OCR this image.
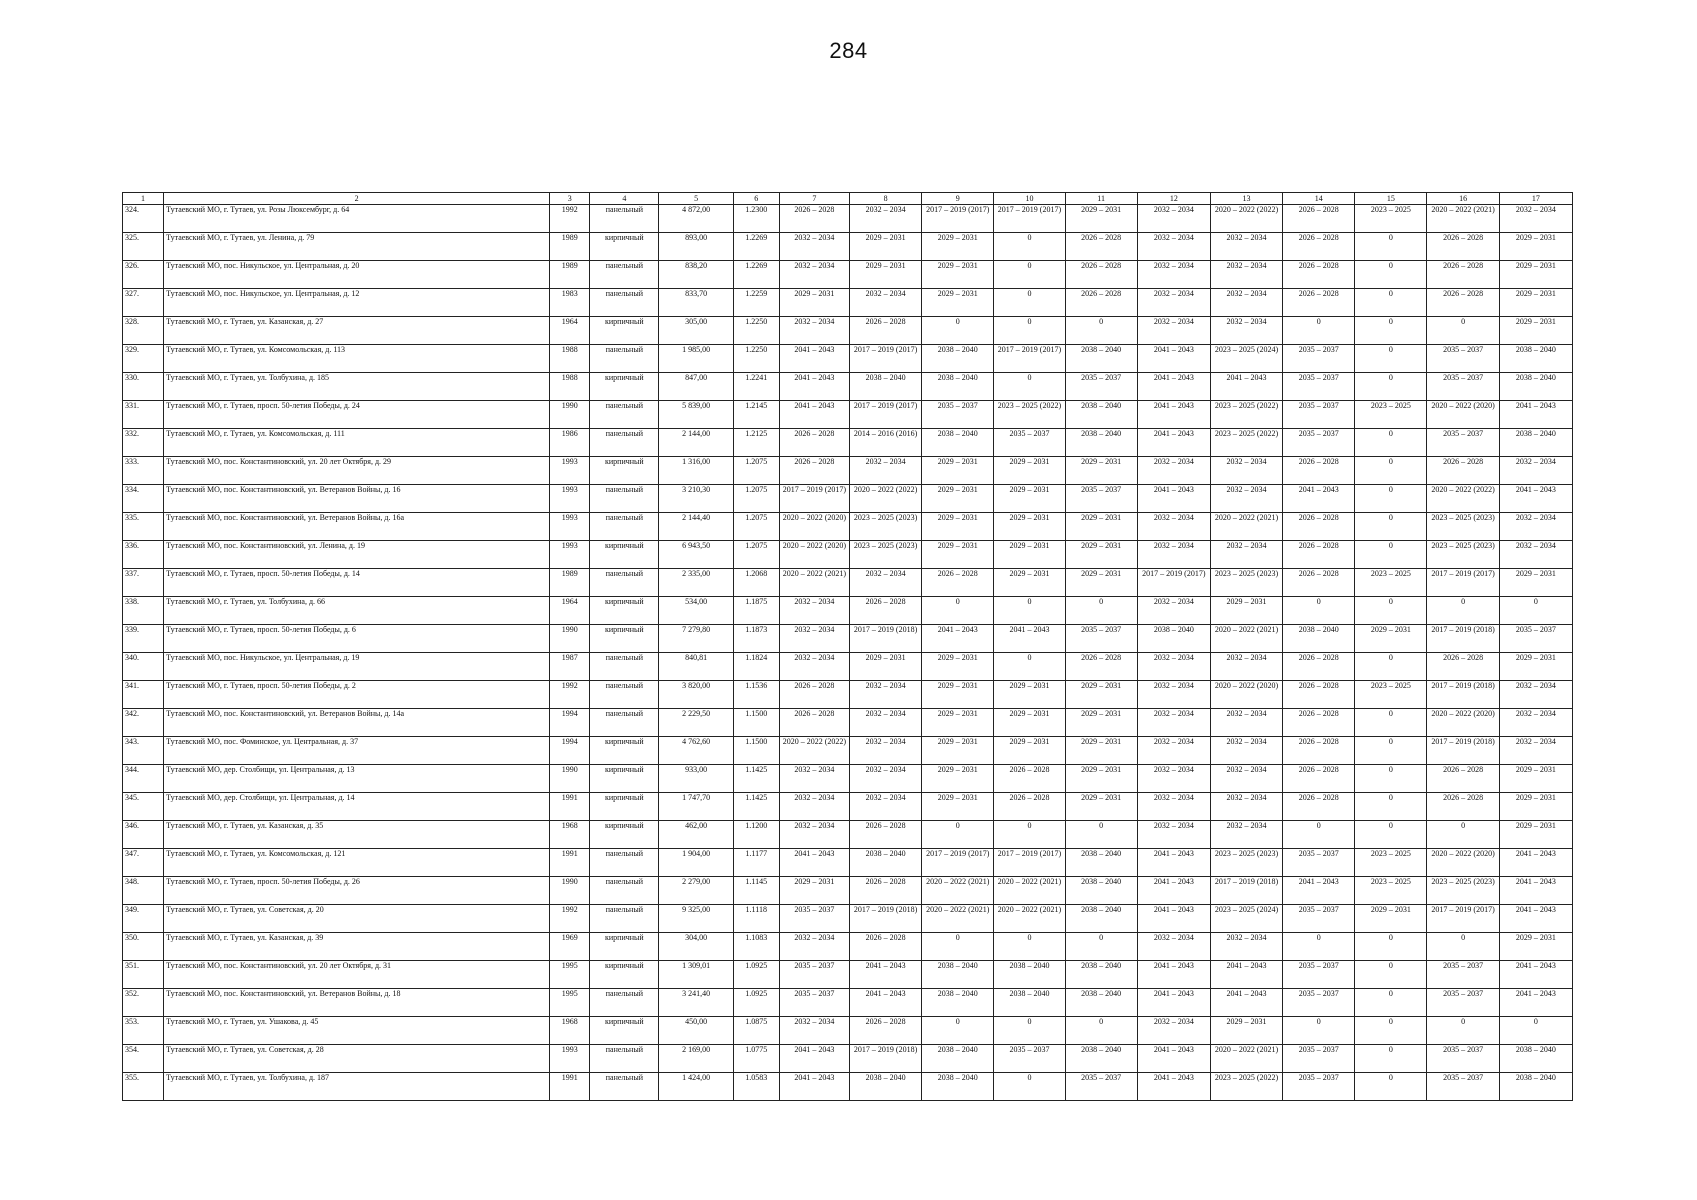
284
1	2	3	4	5	6	7	8	9	10	11	12	13	14	15	16	17
324.	Тутаевский МО, г. Тутаев, ул. Розы Люксембург, д. 64	1992	панельный	4 872,00	1.2300	2026 – 2028	2032 – 2034	2017 – 2019 (2017)	2017 – 2019 (2017)	2029 – 2031	2032 – 2034	2020 – 2022 (2022)	2026 – 2028	2023 – 2025	2020 – 2022 (2021)	2032 – 2034
325.	Тутаевский МО, г. Тутаев, ул. Ленина, д. 79	1989	кирпичный	893,00	1.2269	2032 – 2034	2029 – 2031	2029 – 2031	0	2026 – 2028	2032 – 2034	2032 – 2034	2026 – 2028	0	2026 – 2028	2029 – 2031
326.	Тутаевский МО, пос. Никульское, ул. Центральная, д. 20	1989	панельный	838,20	1.2269	2032 – 2034	2029 – 2031	2029 – 2031	0	2026 – 2028	2032 – 2034	2032 – 2034	2026 – 2028	0	2026 – 2028	2029 – 2031
327.	Тутаевский МО, пос. Никульское, ул. Центральная, д. 12	1983	панельный	833,70	1.2259	2029 – 2031	2032 – 2034	2029 – 2031	0	2026 – 2028	2032 – 2034	2032 – 2034	2026 – 2028	0	2026 – 2028	2029 – 2031
328.	Тутаевский МО, г. Тутаев, ул. Казанская, д. 27	1964	кирпичный	305,00	1.2250	2032 – 2034	2026 – 2028	0	0	0	2032 – 2034	2032 – 2034	0	0	0	2029 – 2031
329.	Тутаевский МО, г. Тутаев, ул. Комсомольская, д. 113	1988	панельный	1 985,00	1.2250	2041 – 2043	2017 – 2019 (2017)	2038 – 2040	2017 – 2019 (2017)	2038 – 2040	2041 – 2043	2023 – 2025 (2024)	2035 – 2037	0	2035 – 2037	2038 – 2040
330.	Тутаевский МО, г. Тутаев, ул. Толбухина, д. 185	1988	кирпичный	847,00	1.2241	2041 – 2043	2038 – 2040	2038 – 2040	0	2035 – 2037	2041 – 2043	2041 – 2043	2035 – 2037	0	2035 – 2037	2038 – 2040
331.	Тутаевский МО, г. Тутаев, просп. 50-летия Победы, д. 24	1990	панельный	5 839,00	1.2145	2041 – 2043	2017 – 2019 (2017)	2035 – 2037	2023 – 2025 (2022)	2038 – 2040	2041 – 2043	2023 – 2025 (2022)	2035 – 2037	2023 – 2025	2020 – 2022 (2020)	2041 – 2043
332.	Тутаевский МО, г. Тутаев, ул. Комсомольская, д. 111	1986	панельный	2 144,00	1.2125	2026 – 2028	2014 – 2016 (2016)	2038 – 2040	2035 – 2037	2038 – 2040	2041 – 2043	2023 – 2025 (2022)	2035 – 2037	0	2035 – 2037	2038 – 2040
333.	Тутаевский МО, пос. Константиновский, ул. 20 лет Октября, д. 29	1993	кирпичный	1 316,00	1.2075	2026 – 2028	2032 – 2034	2029 – 2031	2029 – 2031	2029 – 2031	2032 – 2034	2032 – 2034	2026 – 2028	0	2026 – 2028	2032 – 2034
334.	Тутаевский МО, пос. Константиновский, ул. Ветеранов Войны, д. 16	1993	панельный	3 210,30	1.2075	2017 – 2019 (2017)	2020 – 2022 (2022)	2029 – 2031	2029 – 2031	2035 – 2037	2041 – 2043	2032 – 2034	2041 – 2043	0	2020 – 2022 (2022)	2041 – 2043
335.	Тутаевский МО, пос. Константиновский, ул. Ветеранов Войны, д. 16а	1993	панельный	2 144,40	1.2075	2020 – 2022 (2020)	2023 – 2025 (2023)	2029 – 2031	2029 – 2031	2029 – 2031	2032 – 2034	2020 – 2022 (2021)	2026 – 2028	0	2023 – 2025 (2023)	2032 – 2034
336.	Тутаевский МО, пос. Константиновский, ул. Ленина, д. 19	1993	кирпичный	6 943,50	1.2075	2020 – 2022 (2020)	2023 – 2025 (2023)	2029 – 2031	2029 – 2031	2029 – 2031	2032 – 2034	2032 – 2034	2026 – 2028	0	2023 – 2025 (2023)	2032 – 2034
337.	Тутаевский МО, г. Тутаев, просп. 50-летия Победы, д. 14	1989	панельный	2 335,00	1.2068	2020 – 2022 (2021)	2032 – 2034	2026 – 2028	2029 – 2031	2029 – 2031	2017 – 2019 (2017)	2023 – 2025 (2023)	2026 – 2028	2023 – 2025	2017 – 2019 (2017)	2029 – 2031
338.	Тутаевский МО, г. Тутаев, ул. Толбухина, д. 66	1964	кирпичный	534,00	1.1875	2032 – 2034	2026 – 2028	0	0	0	2032 – 2034	2029 – 2031	0	0	0	0
339.	Тутаевский МО, г. Тутаев, просп. 50-летия Победы, д. 6	1990	кирпичный	7 279,80	1.1873	2032 – 2034	2017 – 2019 (2018)	2041 – 2043	2041 – 2043	2035 – 2037	2038 – 2040	2020 – 2022 (2021)	2038 – 2040	2029 – 2031	2017 – 2019 (2018)	2035 – 2037
340.	Тутаевский МО, пос. Никульское, ул. Центральная, д. 19	1987	панельный	840,81	1.1824	2032 – 2034	2029 – 2031	2029 – 2031	0	2026 – 2028	2032 – 2034	2032 – 2034	2026 – 2028	0	2026 – 2028	2029 – 2031
341.	Тутаевский МО, г. Тутаев, просп. 50-летия Победы, д. 2	1992	панельный	3 820,00	1.1536	2026 – 2028	2032 – 2034	2029 – 2031	2029 – 2031	2029 – 2031	2032 – 2034	2020 – 2022 (2020)	2026 – 2028	2023 – 2025	2017 – 2019 (2018)	2032 – 2034
342.	Тутаевский МО, пос. Константиновский, ул. Ветеранов Войны, д. 14а	1994	панельный	2 229,50	1.1500	2026 – 2028	2032 – 2034	2029 – 2031	2029 – 2031	2029 – 2031	2032 – 2034	2032 – 2034	2026 – 2028	0	2020 – 2022 (2020)	2032 – 2034
343.	Тутаевский МО, пос. Фоминское, ул. Центральная, д. 37	1994	кирпичный	4 762,60	1.1500	2020 – 2022 (2022)	2032 – 2034	2029 – 2031	2029 – 2031	2029 – 2031	2032 – 2034	2032 – 2034	2026 – 2028	0	2017 – 2019 (2018)	2032 – 2034
344.	Тутаевский МО, дер. Столбищи, ул. Центральная, д. 13	1990	кирпичный	933,00	1.1425	2032 – 2034	2032 – 2034	2029 – 2031	2026 – 2028	2029 – 2031	2032 – 2034	2032 – 2034	2026 – 2028	0	2026 – 2028	2029 – 2031
345.	Тутаевский МО, дер. Столбищи, ул. Центральная, д. 14	1991	кирпичный	1 747,70	1.1425	2032 – 2034	2032 – 2034	2029 – 2031	2026 – 2028	2029 – 2031	2032 – 2034	2032 – 2034	2026 – 2028	0	2026 – 2028	2029 – 2031
346.	Тутаевский МО, г. Тутаев, ул. Казанская, д. 35	1968	кирпичный	462,00	1.1200	2032 – 2034	2026 – 2028	0	0	0	2032 – 2034	2032 – 2034	0	0	0	2029 – 2031
347.	Тутаевский МО, г. Тутаев, ул. Комсомольская, д. 121	1991	панельный	1 904,00	1.1177	2041 – 2043	2038 – 2040	2017 – 2019 (2017)	2017 – 2019 (2017)	2038 – 2040	2041 – 2043	2023 – 2025 (2023)	2035 – 2037	2023 – 2025	2020 – 2022 (2020)	2041 – 2043
348.	Тутаевский МО, г. Тутаев, просп. 50-летия Победы, д. 26	1990	панельный	2 279,00	1.1145	2029 – 2031	2026 – 2028	2020 – 2022 (2021)	2020 – 2022 (2021)	2038 – 2040	2041 – 2043	2017 – 2019 (2018)	2041 – 2043	2023 – 2025	2023 – 2025 (2023)	2041 – 2043
349.	Тутаевский МО, г. Тутаев, ул. Советская, д. 20	1992	панельный	9 325,00	1.1118	2035 – 2037	2017 – 2019 (2018)	2020 – 2022 (2021)	2020 – 2022 (2021)	2038 – 2040	2041 – 2043	2023 – 2025 (2024)	2035 – 2037	2029 – 2031	2017 – 2019 (2017)	2041 – 2043
350.	Тутаевский МО, г. Тутаев, ул. Казанская, д. 39	1969	кирпичный	304,00	1.1083	2032 – 2034	2026 – 2028	0	0	0	2032 – 2034	2032 – 2034	0	0	0	2029 – 2031
351.	Тутаевский МО, пос. Константиновский, ул. 20 лет Октября, д. 31	1995	кирпичный	1 309,01	1.0925	2035 – 2037	2041 – 2043	2038 – 2040	2038 – 2040	2038 – 2040	2041 – 2043	2041 – 2043	2035 – 2037	0	2035 – 2037	2041 – 2043
352.	Тутаевский МО, пос. Константиновский, ул. Ветеранов Войны, д. 18	1995	панельный	3 241,40	1.0925	2035 – 2037	2041 – 2043	2038 – 2040	2038 – 2040	2038 – 2040	2041 – 2043	2041 – 2043	2035 – 2037	0	2035 – 2037	2041 – 2043
353.	Тутаевский МО, г. Тутаев, ул. Ушакова, д. 45	1968	кирпичный	450,00	1.0875	2032 – 2034	2026 – 2028	0	0	0	2032 – 2034	2029 – 2031	0	0	0	0
354.	Тутаевский МО, г. Тутаев, ул. Советская, д. 28	1993	панельный	2 169,00	1.0775	2041 – 2043	2017 – 2019 (2018)	2038 – 2040	2035 – 2037	2038 – 2040	2041 – 2043	2020 – 2022 (2021)	2035 – 2037	0	2035 – 2037	2038 – 2040
355.	Тутаевский МО, г. Тутаев, ул. Толбухина, д. 187	1991	панельный	1 424,00	1.0583	2041 – 2043	2038 – 2040	2038 – 2040	0	2035 – 2037	2041 – 2043	2023 – 2025 (2022)	2035 – 2037	0	2035 – 2037	2038 – 2040
